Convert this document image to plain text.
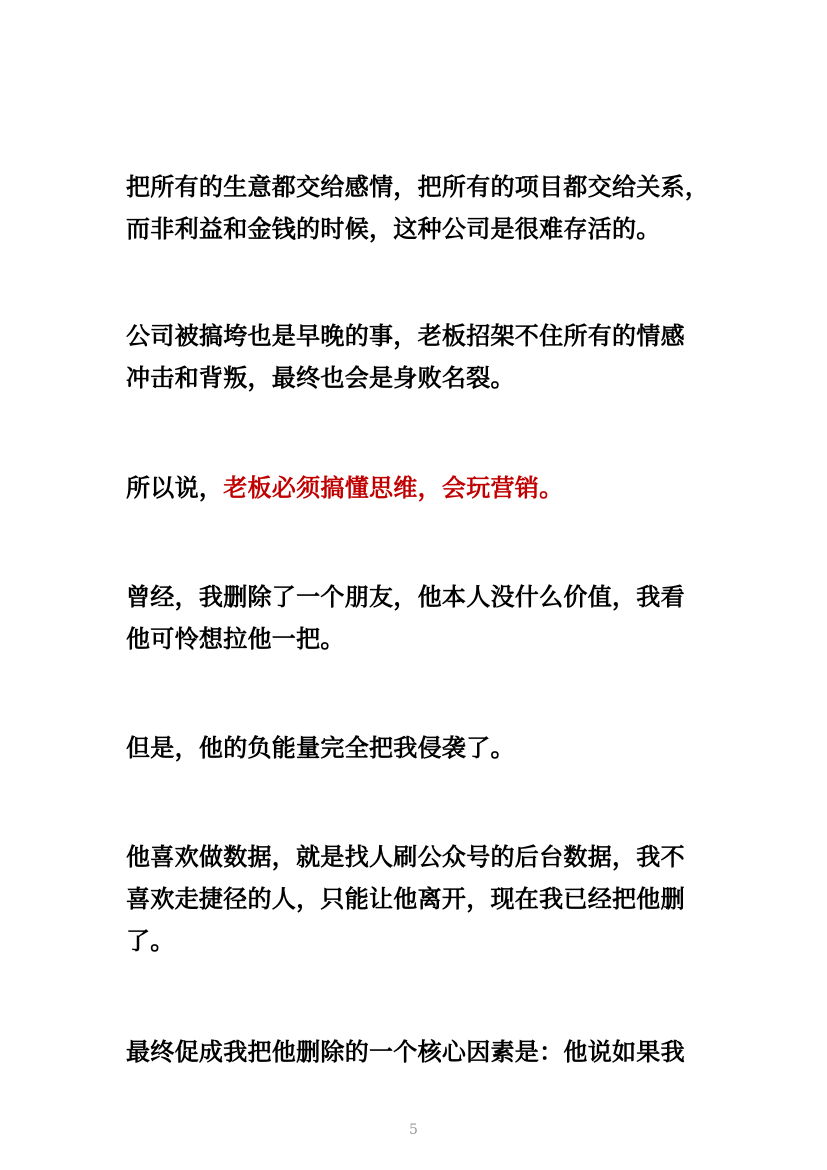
把所有的生意都交给感情，把所有的项目都交给关系，
而非利益和金钱的时候，这种公司是很难存活的。

公司被搞垮也是早晚的事，老板招架不住所有的情感
冲击和背叛，最终也会是身败名裂。

所以说，老板必须搞懂思维，会玩营销。

曾经，我删除了一个朋友，他本人没什么价值，我看
他可怜想拉他一把。

但是，他的负能量完全把我侵袭了。

他喜欢做数据，就是找人刷公众号的后台数据，我不
喜欢走捷径的人，只能让他离开，现在我已经把他删
了。

最终促成我把他删除的一个核心因素是：他说如果我

5
